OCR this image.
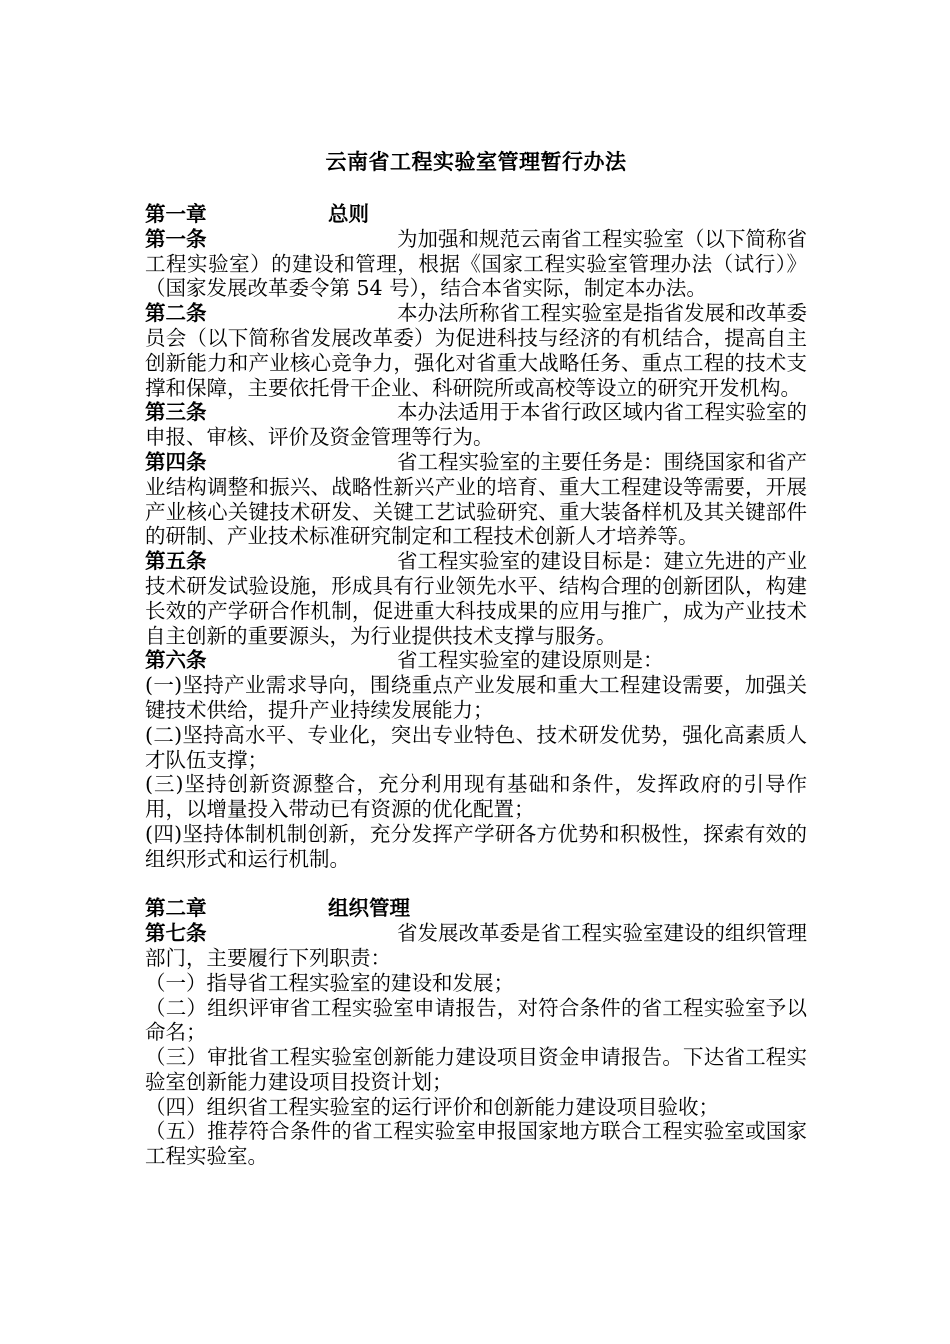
云南省工程实验室管理暂行办法
第一章	总则

第一条	为加强和规范云南省工程实验室（以下简称省工程实验室）的建设和管理，根据《国家工程实验室管理办法（试行）》（国家发展改革委令第 54 号），结合本省实际，制定本办法。

第二条	本办法所称省工程实验室是指省发展和改革委员会（以下简称省发展改革委）为促进科技与经济的有机结合，提高自主创新能力和产业核心竞争力，强化对省重大战略任务、重点工程的技术支撑和保障，主要依托骨干企业、科研院所或高校等设立的研究开发机构。

第三条	本办法适用于本省行政区域内省工程实验室的申报、审核、评价及资金管理等行为。

第四条	省工程实验室的主要任务是：围绕国家和省产业结构调整和振兴、战略性新兴产业的培育、重大工程建设等需要，开展产业核心关键技术研发、关键工艺试验研究、重大装备样机及其关键部件的研制、产业技术标准研究制定和工程技术创新人才培养等。

第五条	省工程实验室的建设目标是：建立先进的产业技术研发试验设施，形成具有行业领先水平、结构合理的创新团队，构建长效的产学研合作机制，促进重大科技成果的应用与推广，成为产业技术自主创新的重要源头，为行业提供技术支撑与服务。

第六条	省工程实验室的建设原则是：

(一)坚持产业需求导向，围绕重点产业发展和重大工程建设需要，加强关键技术供给，提升产业持续发展能力；

(二)坚持高水平、专业化，突出专业特色、技术研发优势，强化高素质人才队伍支撑；

(三)坚持创新资源整合，充分利用现有基础和条件，发挥政府的引导作用，以增量投入带动已有资源的优化配置；

(四)坚持体制机制创新，充分发挥产学研各方优势和积极性，探索有效的组织形式和运行机制。

第二章	组织管理

第七条	省发展改革委是省工程实验室建设的组织管理部门，主要履行下列职责：

（一）指导省工程实验室的建设和发展；

（二）组织评审省工程实验室申请报告，对符合条件的省工程实验室予以命名；

（三）审批省工程实验室创新能力建设项目资金申请报告。下达省工程实验室创新能力建设项目投资计划；

（四）组织省工程实验室的运行评价和创新能力建设项目验收；

（五）推荐符合条件的省工程实验室申报国家地方联合工程实验室或国家工程实验室。
